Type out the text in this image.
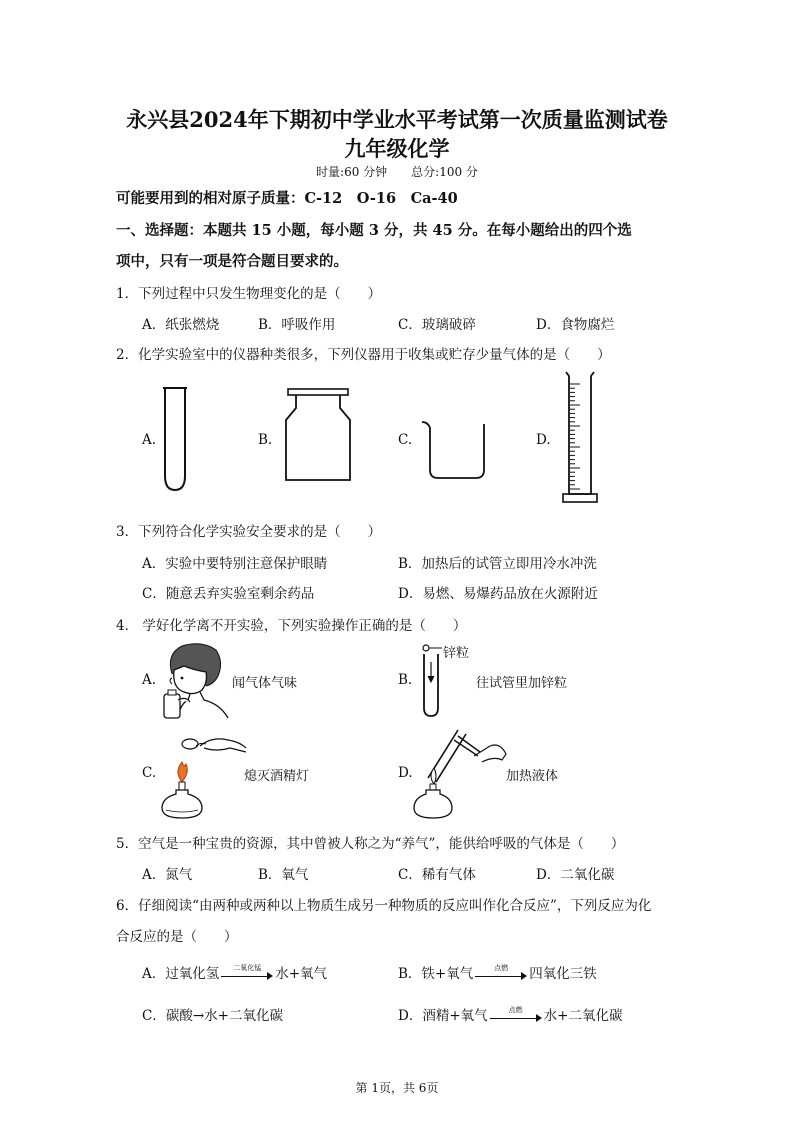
永兴县2024年下期初中学业水平考试第一次质量监测试卷
九年级化学
时量:60 分钟　　总分:100 分
可能要用到的相对原子质量：C-12　O-16　Ca-40
一、选择题：本题共 15 小题，每小题 3 分，共 45 分。在每小题给出的四个选
项中，只有一项是符合题目要求的。
1．下列过程中只发生物理变化的是（　　）
A．纸张燃烧	B．呼吸作用	C．玻璃破碎	D．食物腐烂
2．化学实验室中的仪器种类很多，下列仪器用于收集或贮存少量气体的是（　　）
A.	B.	C.	D.
3．下列符合化学实验安全要求的是（　　）
A．实验中要特别注意保护眼睛	B．加热后的试管立即用冷水冲洗
C．随意丢弃实验室剩余药品	D．易燃、易爆药品放在火源附近
4． 学好化学离不开实验，下列实验操作正确的是（　　）
A.	闻气体气味	B.	往试管里加锌粒
锌粒
C.	熄灭酒精灯	D.	加热液体
5．空气是一种宝贵的资源，其中曾被人称之为“养气”，能供给呼吸的气体是（　　）
A．氮气	B．氧气	C．稀有气体	D．二氧化碳
6．仔细阅读“由两种或两种以上物质生成另一种物质的反应叫作化合反应”，下列反应为化
合反应的是（　　）
A．过氧化氢	二氧化锰	水+氧气	B．铁+氧气	点燃	四氧化三铁
C．碳酸→水+二氧化碳	D．酒精+氧气	点燃	水+二氧化碳
第 1页，共 6页
